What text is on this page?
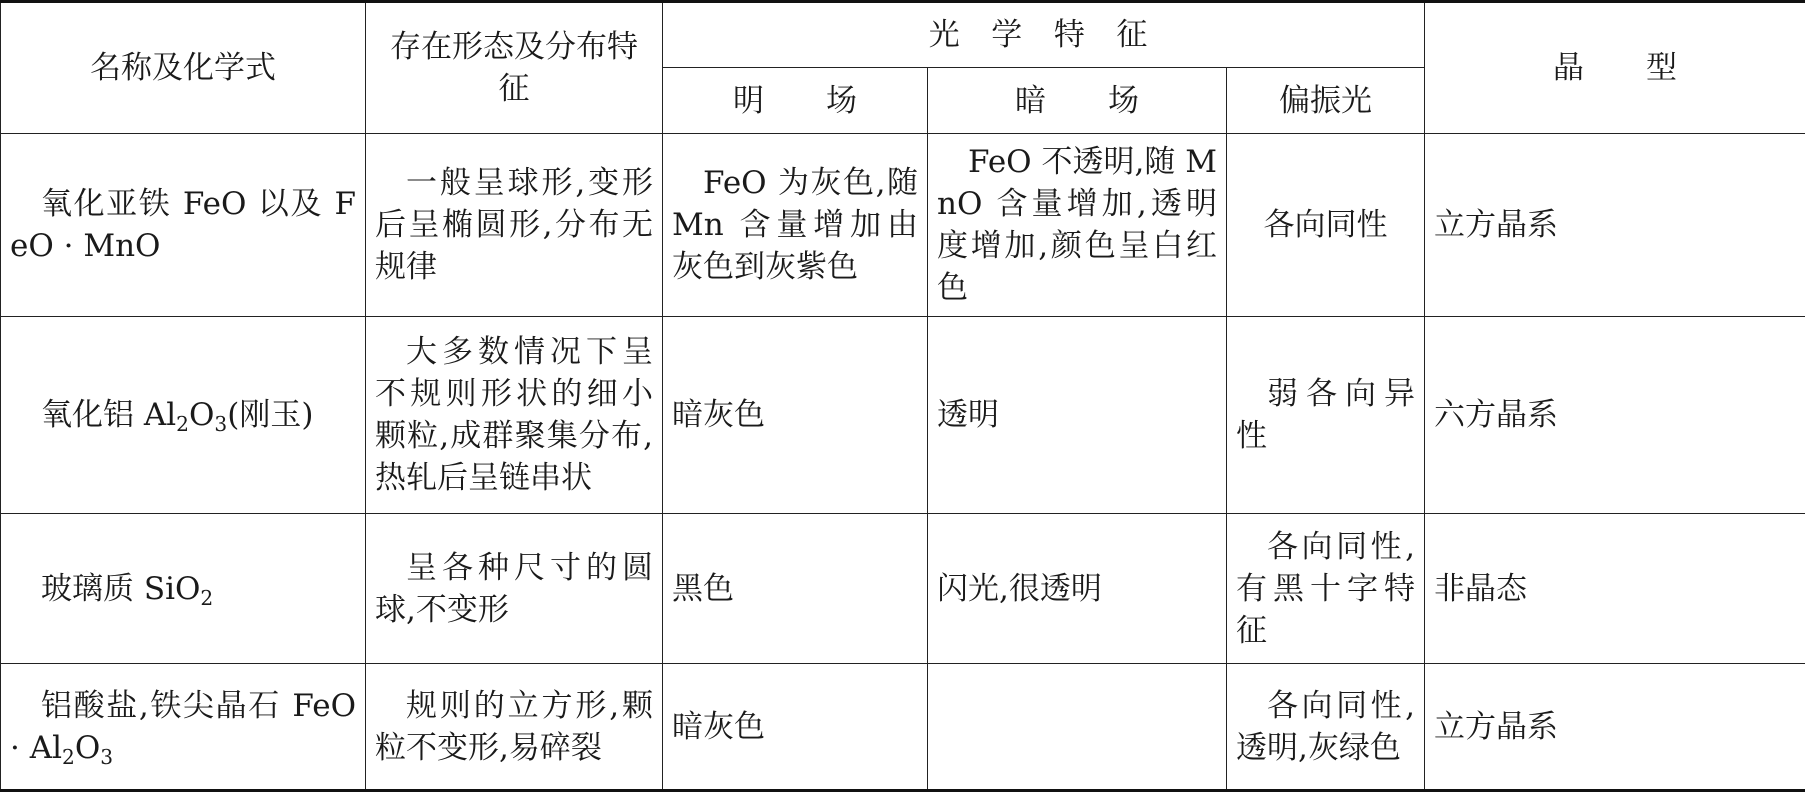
名称及化学式	存在形态及分布特征	光 学 特 征			晶　　型
		明　　场	暗　　场	偏振光	
氧化亚铁 FeO 以及 FeO · MnO	一般呈球形,变形后呈椭圆形,分布无规律	FeO 为灰色,随 Mn 含量增加由灰色到灰紫色	FeO 不透明,随 MnO 含量增加,透明度增加,颜色呈白红色	各向同性	立方晶系
氧化铝 $Al_2O_3$(刚玉)	大多数情况下呈不规则形状的细小颗粒,成群聚集分布,热轧后呈链串状	暗灰色	透明	弱各向异性	六方晶系
玻璃质 SiO$_2$	呈各种尺寸的圆球,不变形	黑色	闪光,很透明	各向同性,有黑十字特征	非晶态
铝酸盐,铁尖晶石 FeO · $Al_2O_3$	规则的立方形,颗粒不变形,易碎裂	暗灰色		各向同性,透明,灰绿色	立方晶系
